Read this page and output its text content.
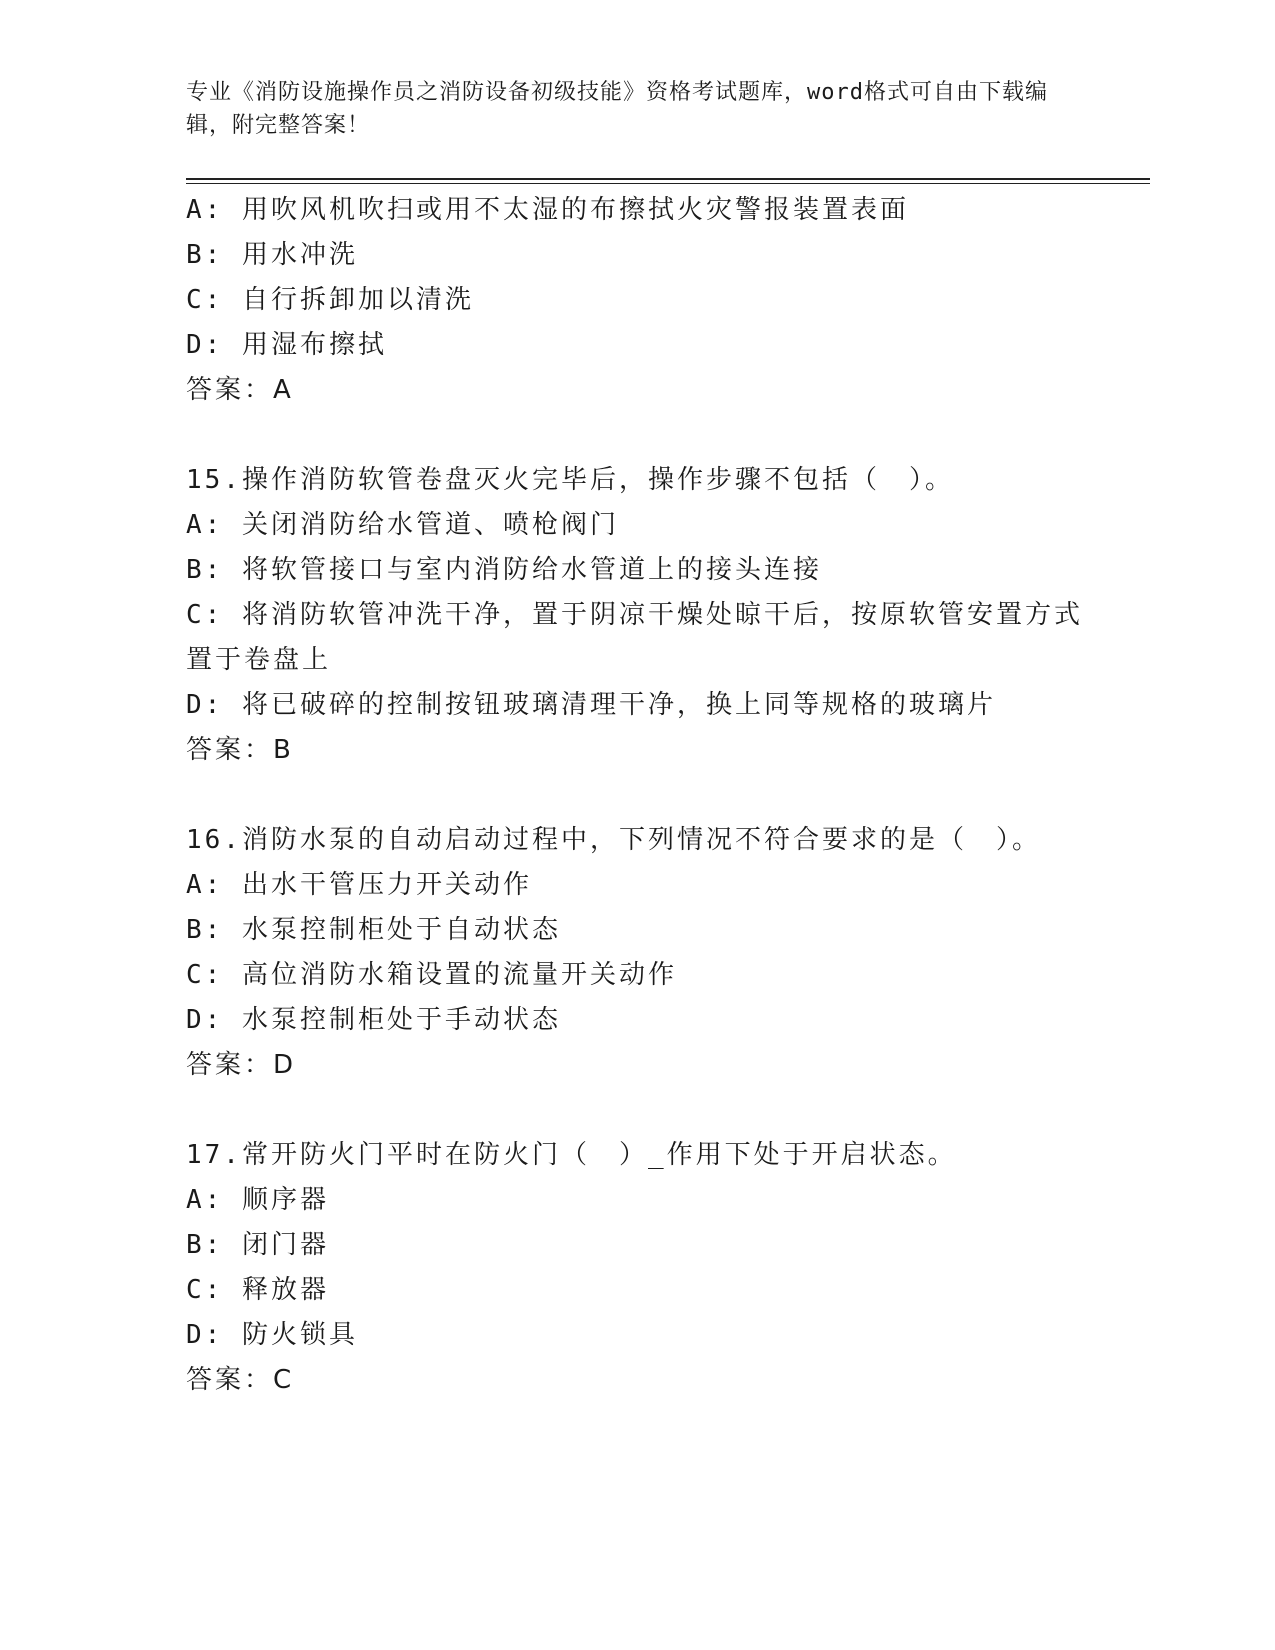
专业《消防设施操作员之消防设备初级技能》资格考试题库，word格式可自由下载编辑，附完整答案！
A: 用吹风机吹扫或用不太湿的布擦拭火灾警报装置表面
B: 用水冲洗
C: 自行拆卸加以清洗
D: 用湿布擦拭
答案：A
15.操作消防软管卷盘灭火完毕后，操作步骤不包括（　）。
A: 关闭消防给水管道、喷枪阀门
B: 将软管接口与室内消防给水管道上的接头连接
C: 将消防软管冲洗干净，置于阴凉干燥处晾干后，按原软管安置方式置于卷盘上
D: 将已破碎的控制按钮玻璃清理干净，换上同等规格的玻璃片
答案：B
16.消防水泵的自动启动过程中，下列情况不符合要求的是（　）。
A: 出水干管压力开关动作
B: 水泵控制柜处于自动状态
C: 高位消防水箱设置的流量开关动作
D: 水泵控制柜处于手动状态
答案：D
17.常开防火门平时在防火门（　）_作用下处于开启状态。
A: 顺序器
B: 闭门器
C: 释放器
D: 防火锁具
答案：C
